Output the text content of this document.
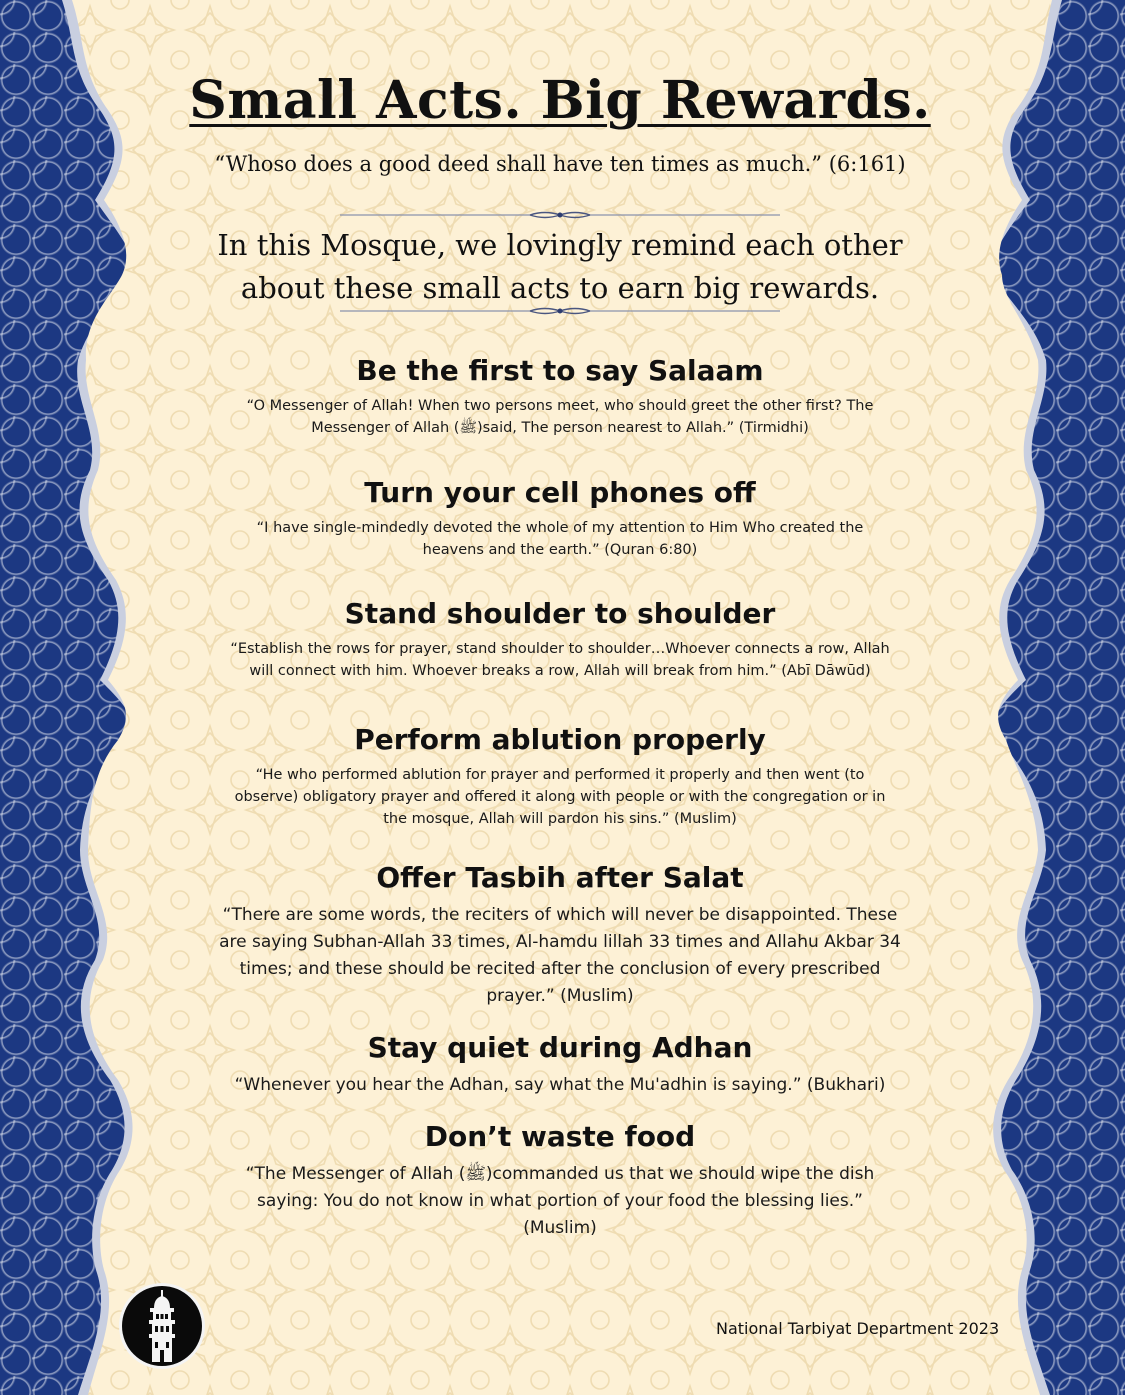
Small Acts. Big Rewards.
“Whoso does a good deed shall have ten times as much.” (6:161)
In this Mosque, we lovingly remind each other
about these small acts to earn big rewards.
Be the first to say Salaam

“O Messenger of Allah! When two persons meet, who should greet the other first? The
Messenger of Allah (ﷺ)said, The person nearest to Allah.” (Tirmidhi)

Turn your cell phones off

“I have single-mindedly devoted the whole of my attention to Him Who created the
heavens and the earth.” (Quran 6:80)

Stand shoulder to shoulder

“Establish the rows for prayer, stand shoulder to shoulder…Whoever connects a row, Allah
will connect with him. Whoever breaks a row, Allah will break from him.” (Abī Dāwūd)

Perform ablution properly

“He who performed ablution for prayer and performed it properly and then went (to
observe) obligatory prayer and offered it along with people or with the congregation or in
the mosque, Allah will pardon his sins.” (Muslim)

Offer Tasbih after Salat

“There are some words, the reciters of which will never be disappointed. These
are saying Subhan-Allah 33 times, Al-hamdu lillah 33 times and Allahu Akbar 34
times; and these should be recited after the conclusion of every prescribed
prayer.” (Muslim)

Stay quiet during Adhan

“Whenever you hear the Adhan, say what the Mu'adhin is saying.” (Bukhari)

Don’t waste food

“The Messenger of Allah (ﷺ)commanded us that we should wipe the dish
saying: You do not know in what portion of your food the blessing lies.”
(Muslim)

National Tarbiyat Department 2023
